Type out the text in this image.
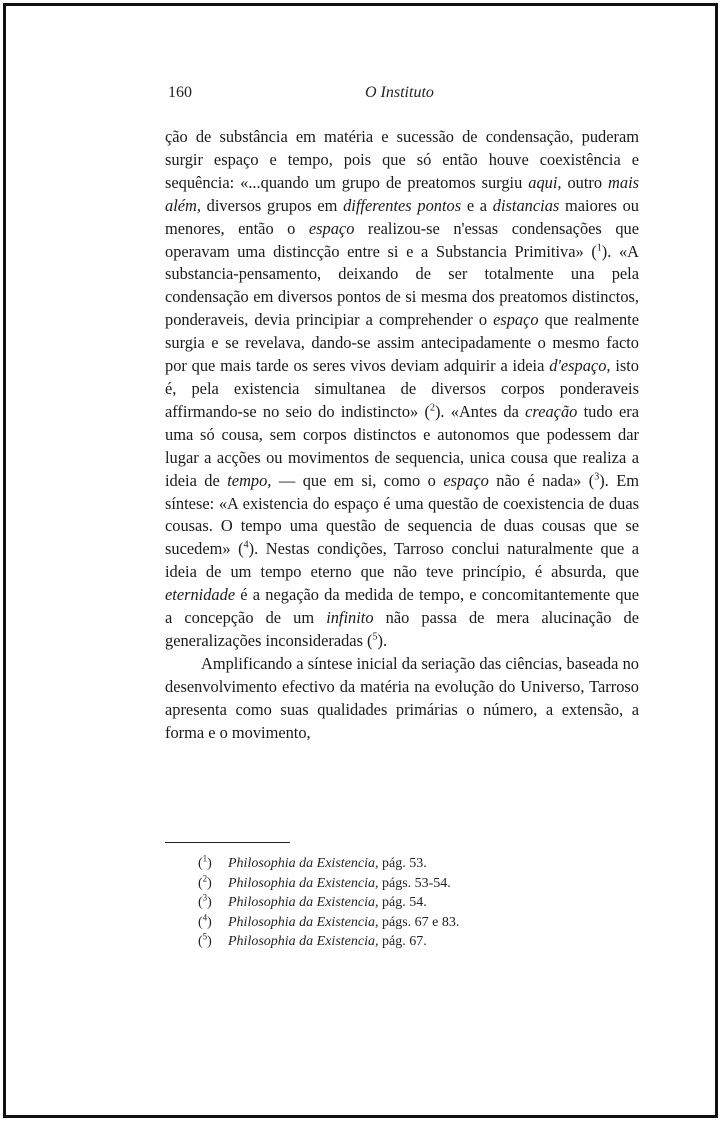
160	O Instituto

ção de substância em matéria e sucessão de condensação, puderam surgir espaço e tempo, pois que só então houve coexistência e sequência: «...quando um grupo de preatomos surgiu aqui, outro mais além, diversos grupos em differentes pontos e a distancias maiores ou menores, então o espaço realizou-se n'essas condensações que operavam uma distincção entre si e a Substancia Primitiva» ($^1$). «A substancia-pensamento, deixando de ser totalmente una pela condensação em diversos pontos de si mesma dos preatomos distinctos, ponderaveis, devia principiar a comprehender o espaço que realmente surgia e se revelava, dando-se assim antecipadamente o mesmo facto por que mais tarde os seres vivos deviam adquirir a ideia d'espaço, isto é, pela existencia simultanea de diversos corpos ponderaveis affirmando-se no seio do indistincto» ($^2$). «Antes da creação tudo era uma só cousa, sem corpos distinctos e autonomos que podessem dar lugar a acções ou movimentos de sequencia, unica cousa que realiza a ideia de tempo, — que em si, como o espaço não é nada» ($^3$). Em síntese: «A existencia do espaço é uma questão de coexistencia de duas cousas. O tempo uma questão de sequencia de duas cousas que se sucedem» ($^4$). Nestas condições, Tarroso conclui naturalmente que a ideia de um tempo eterno que não teve princípio, é absurda, que eternidade é a negação da medida de tempo, e concomitantemente que a concepção de um infinito não passa de mera alucinação de generalizações inconsideradas ($^5$).

Amplificando a síntese inicial da seriação das ciências, baseada no desenvolvimento efectivo da matéria na evolução do Universo, Tarroso apresenta como suas qualidades primárias o número, a extensão, a forma e o movimento,

($^1$) Philosophia da Existencia, pág. 53.
($^2$) Philosophia da Existencia, págs. 53-54.
($^3$) Philosophia da Existencia, pág. 54.
($^4$) Philosophia da Existencia, págs. 67 e 83.
($^5$) Philosophia da Existencia, pág. 67.
